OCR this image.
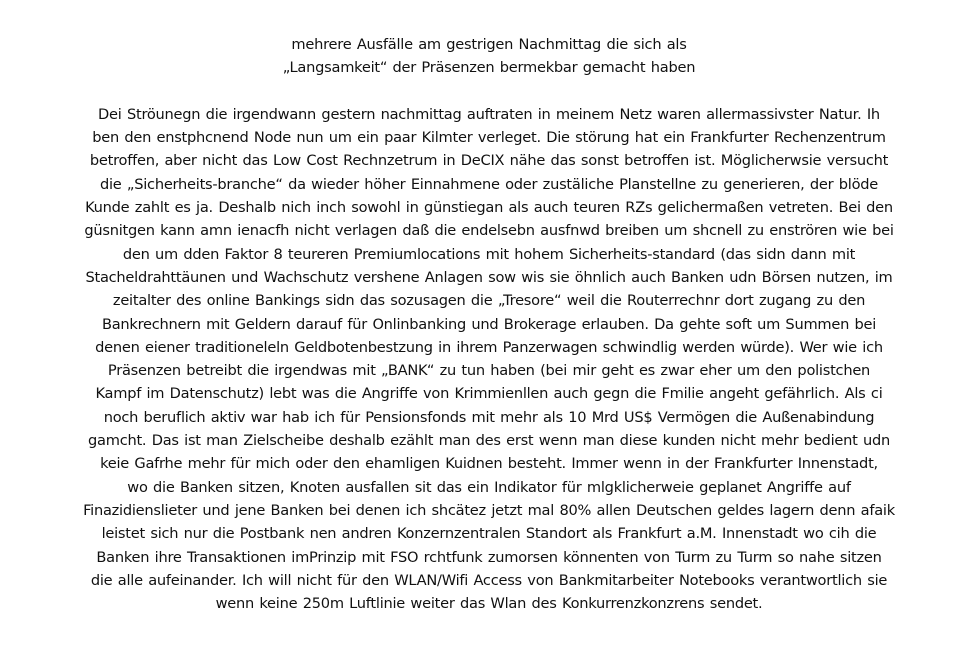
mehrere Ausfälle am gestrigen Nachmittag die sich als
„Langsamkeit“ der Präsenzen bermekbar gemacht haben
Dei Ströunegn die irgendwann gestern nachmittag auftraten in meinem Netz waren allermassivster Natur. Ih
ben den enstphcnend Node nun um ein paar Kilmter verleget. Die störung hat ein Frankfurter Rechenzentrum
betroffen, aber nicht das Low Cost Rechnzetrum in DeCIX nähe das sonst betroffen ist. Möglicherwsie versucht
die „Sicherheits-branche“ da wieder höher Einnahmene oder zustäliche Planstellne zu generieren, der blöde
Kunde zahlt es ja. Deshalb nich inch sowohl in günstiegan als auch teuren RZs gelichermaßen vetreten. Bei den
güsnitgen kann amn ienacfh nicht verlagen daß die endelsebn ausfnwd breiben um shcnell zu enströren wie bei
den um dden Faktor 8 teureren Premiumlocations mit hohem Sicherheits-standard (das sidn dann mit
Stacheldrahttäunen und Wachschutz vershene Anlagen sow wis sie öhnlich auch Banken udn Börsen nutzen, im
zeitalter des online Bankings sidn das sozusagen die „Tresore“ weil die Routerrechnr dort zugang zu den
Bankrechnern mit Geldern darauf für Onlinbanking und Brokerage erlauben. Da gehte soft um Summen bei
denen eiener traditioneleln Geldbotenbestzung in ihrem Panzerwagen schwindlig werden würde). Wer wie ich
Präsenzen betreibt die irgendwas mit „BANK“ zu tun haben (bei mir geht es zwar eher um den polistchen
Kampf im Datenschutz) lebt was die Angriffe von Krimmienllen auch gegn die Fmilie angeht gefährlich. Als ci
noch beruflich aktiv war hab ich für Pensionsfonds mit mehr als 10 Mrd US$ Vermögen die Außenabindung
gamcht. Das ist man Zielscheibe deshalb ezählt man des erst wenn man diese kunden nicht mehr bedient udn
keie Gafrhe mehr für mich oder den ehamligen Kuidnen besteht. Immer wenn in der Frankfurter Innenstadt,
wo die Banken sitzen, Knoten ausfallen sit das ein Indikator für mlgklicherweie geplanet Angriffe auf
Finazidienslieter und jene Banken bei denen ich shcätez jetzt mal 80% allen Deutschen geldes lagern denn afaik
leistet sich nur die Postbank nen andren Konzernzentralen Standort als Frankfurt a.M. Innenstadt wo cih die
Banken ihre Transaktionen imPrinzip mit FSO rchtfunk zumorsen könnenten von Turm zu Turm so nahe sitzen
die alle aufeinander. Ich will nicht für den WLAN/Wifi Access von Bankmitarbeiter Notebooks verantwortlich sie
wenn keine 250m Luftlinie weiter das Wlan des Konkurrenzkonzrens sendet.
